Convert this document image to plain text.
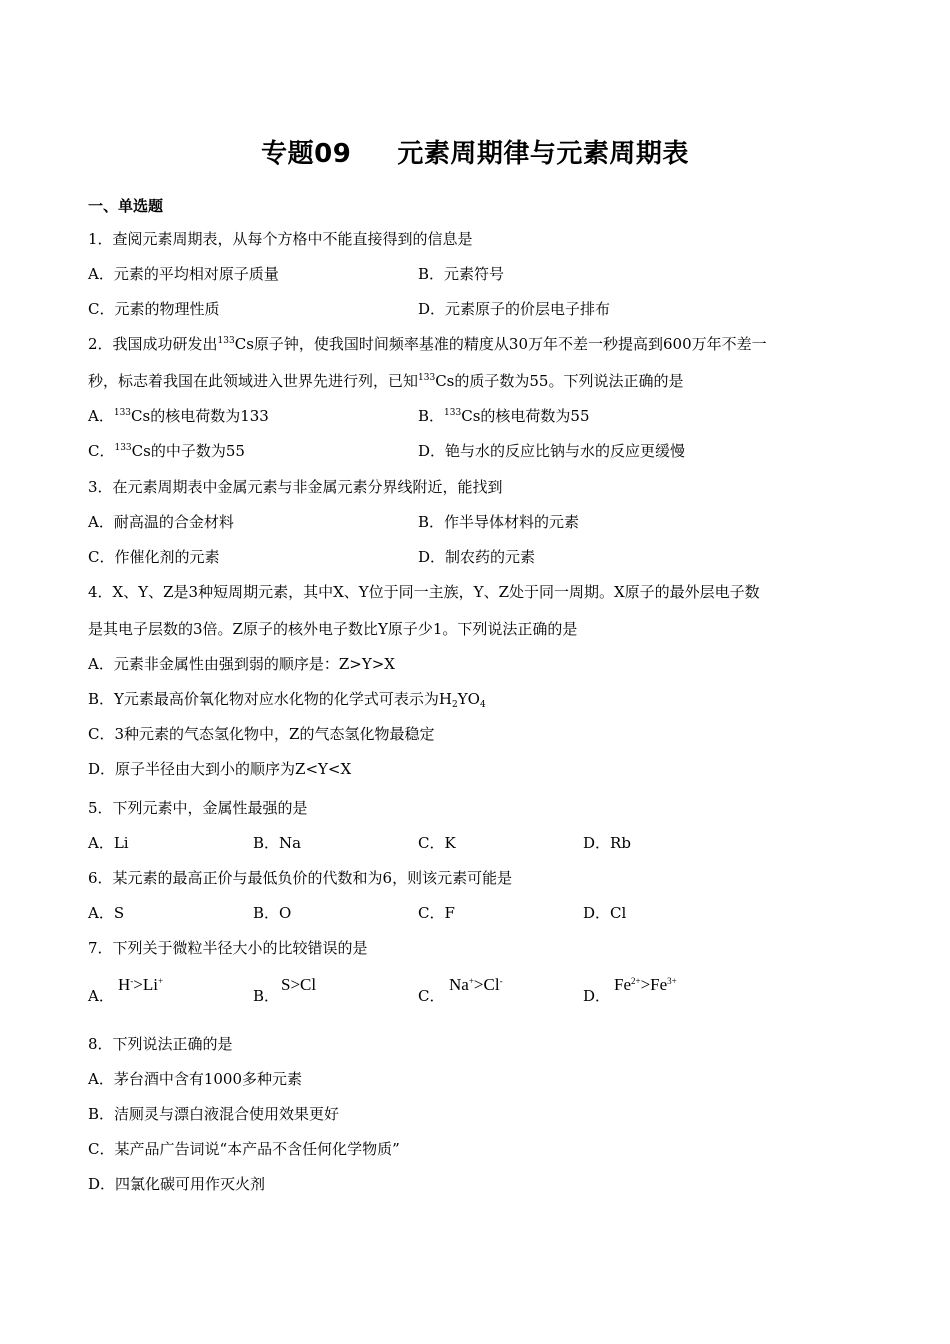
专题09 元素周期律与元素周期表
一、单选题
1．查阅元素周期表，从每个方格中不能直接得到的信息是
A．元素的平均相对原子质量	B．元素符号
C．元素的物理性质	D．元素原子的价层电子排布
2．我国成功研发出$^{133}$Cs原子钟，使我国时间频率基准的精度从30万年不差一秒提高到600万年不差一
秒，标志着我国在此领域进入世界先进行列，已知$^{133}$Cs的质子数为55。下列说法正确的是
A．$^{133}$Cs的核电荷数为133	B．$^{133}$Cs的核电荷数为55
C．$^{133}$Cs的中子数为55	D．铯与水的反应比钠与水的反应更缓慢
3．在元素周期表中金属元素与非金属元素分界线附近，能找到
A．耐高温的合金材料	B．作半导体材料的元素
C．作催化剂的元素	D．制农药的元素
4．X、Y、Z是3种短周期元素，其中X、Y位于同一主族，Y、Z处于同一周期。X原子的最外层电子数
是其电子层数的3倍。Z原子的核外电子数比Y原子少1。下列说法正确的是
A．元素非金属性由强到弱的顺序是：Z>Y>X
B．Y元素最高价氧化物对应水化物的化学式可表示为$H_2YO_4$
C．3种元素的气态氢化物中，Z的气态氢化物最稳定
D．原子半径由大到小的顺序为Z<Y<X
5．下列元素中，金属性最强的是
A．Li	B．Na	C．K	D．Rb
6．某元素的最高正价与最低负价的代数和为6，则该元素可能是
A．S	B．O	C．F	D．Cl
7．下列关于微粒半径大小的比较错误的是
A．
H->Li+
B．
S>Cl
C．
Na+>Cl-
D．
$Fe^{2+}>Fe^{3+}$
8．下列说法正确的是
A．茅台酒中含有1000多种元素
B．洁厕灵与漂白液混合使用效果更好
C．某产品广告词说“本产品不含任何化学物质”
D．四氯化碳可用作灭火剂
